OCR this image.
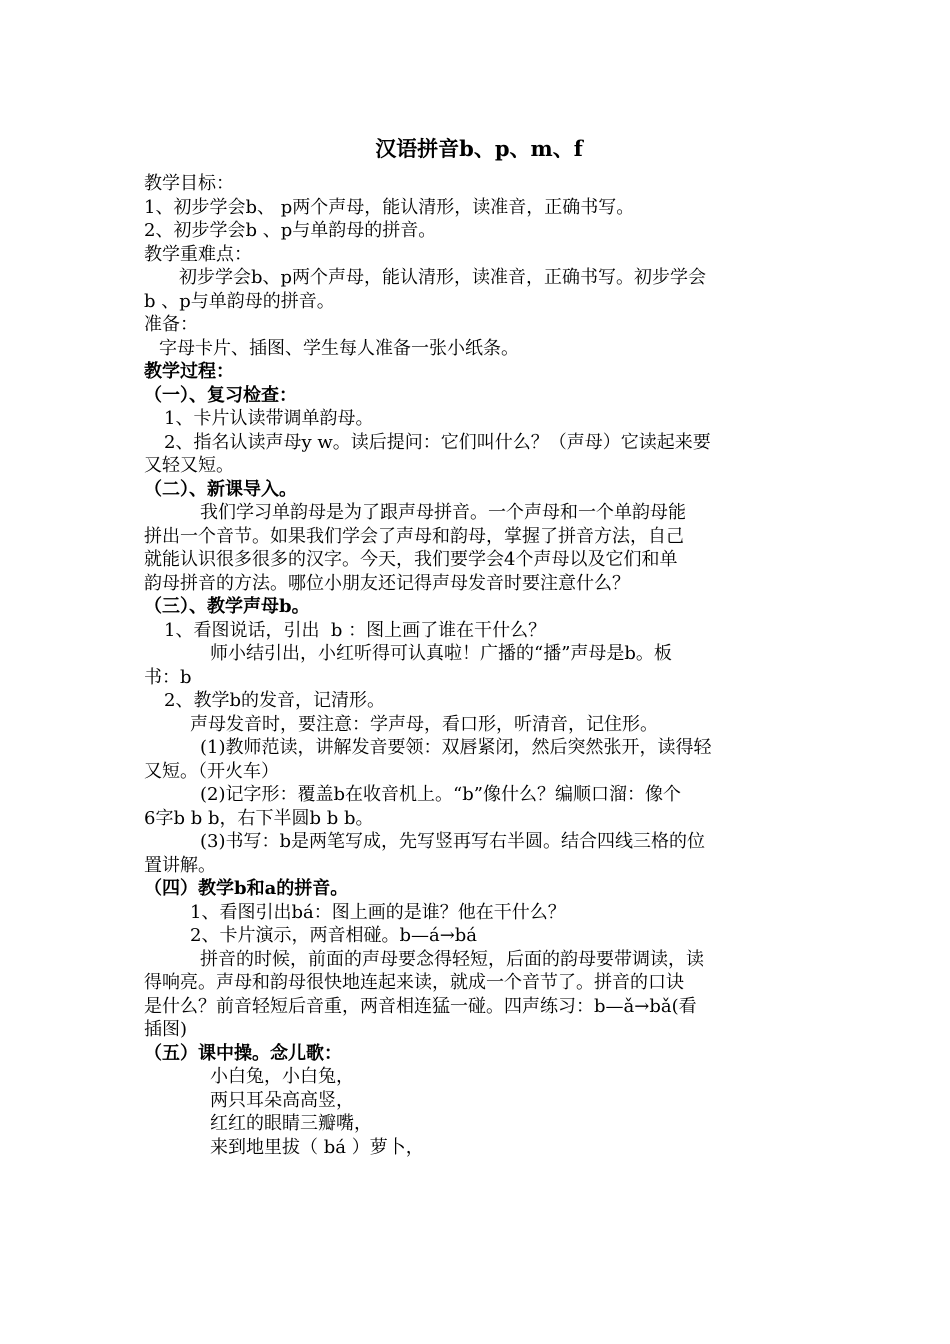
汉语拼音b、p、m、f
教学目标：
1、初步学会b、 p两个声母，能认清形，读准音，正确书写。
2、初步学会b 、p与单韵母的拼音。
教学重难点：
初步学会b、p两个声母，能认清形，读准音，正确书写。初步学会
b 、p与单韵母的拼音。
准备：
字母卡片、插图、学生每人准备一张小纸条。
教学过程：
（一）、复习检查：
1、卡片认读带调单韵母。
2、指名认读声母y w。读后提问：它们叫什么？（声母）它读起来要
又轻又短。
（二）、新课导入。
我们学习单韵母是为了跟声母拼音。一个声母和一个单韵母能
拼出一个音节。如果我们学会了声母和韵母，掌握了拼音方法，自己
就能认识很多很多的汉字。今天，我们要学会4个声母以及它们和单
韵母拼音的方法。哪位小朋友还记得声母发音时要注意什么？
（三）、教学声母b。
1、看图说话，引出  b ：图上画了谁在干什么？
师小结引出，小红听得可认真啦！广播的“播”声母是b。板
书：b
2、教学b的发音，记清形。
声母发音时，要注意：学声母，看口形，听清音，记住形。
(1)教师范读，讲解发音要领：双唇紧闭，然后突然张开，读得轻
又短。（开火车）
(2)记字形：覆盖b在收音机上。“b”像什么？编顺口溜：像个
6字b b b，右下半圆b b b。
(3)书写：b是两笔写成，先写竖再写右半圆。结合四线三格的位
置讲解。
（四）教学b和a的拼音。
1、看图引出bá：图上画的是谁？他在干什么？
2、卡片演示，两音相碰。b—á→bá
拼音的时候，前面的声母要念得轻短，后面的韵母要带调读，读
得响亮。声母和韵母很快地连起来读，就成一个音节了。拼音的口诀
是什么？前音轻短后音重，两音相连猛一碰。四声练习：b—ǎ→bǎ(看
插图)
（五）课中操。念儿歌：
小白兔，小白兔，
两只耳朵高高竖，
红红的眼睛三瓣嘴，
来到地里拔（ bá ）萝卜，
